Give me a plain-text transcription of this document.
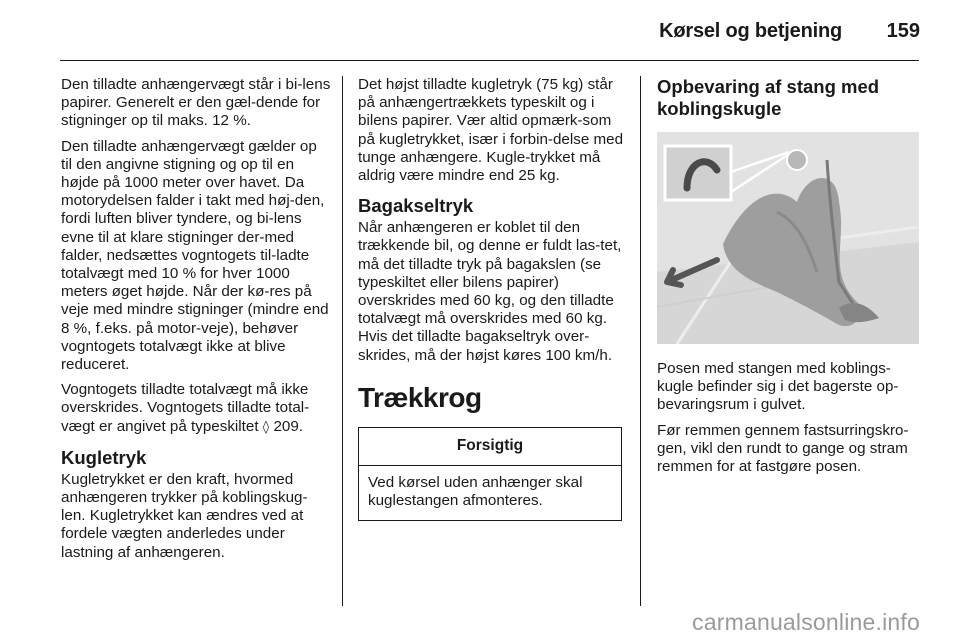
Kørsel og betjening 159

Den tilladte anhængervægt står i bi-lens papirer. Generelt er den gæl-dende for stigninger op til maks. 12 %.

Den tilladte anhængervægt gælder op til den angivne stigning og op til en højde på 1000 meter over havet. Da motorydelsen falder i takt med høj-den, fordi luften bliver tyndere, og bi-lens evne til at klare stigninger der-med falder, nedsættes vogntogets til-ladte totalvægt med 10 % for hver 1000 meters øget højde. Når der kø-res på veje med mindre stigninger (mindre end 8 %, f.eks. på motor-veje), behøver vogntogets totalvægt ikke at blive reduceret.

Vogntogets tilladte totalvægt må ikke overskrides. Vogntogets tilladte total-vægt er angivet på typeskiltet ◊ 209.

Kugletryk

Kugletrykket er den kraft, hvormed anhængeren trykker på koblingskug-len. Kugletrykket kan ændres ved at fordele vægten anderledes under lastning af anhængeren.

Det højst tilladte kugletryk (75 kg) står på anhængertrækkets typeskilt og i bilens papirer. Vær altid opmærk-som på kugletrykket, især i forbin-delse med tunge anhængere. Kugle-trykket må aldrig være mindre end 25 kg.

Bagakseltryk

Når anhængeren er koblet til den trækkende bil, og denne er fuldt las-tet, må det tilladte tryk på bagakslen (se typeskiltet eller bilens papirer) overskrides med 60 kg, og den tilladte totalvægt må overskrides med 60 kg. Hvis det tilladte bagakseltryk over-skrides, må der højst køres 100 km/h.

Trækkrog
Forsigtig
Ved kørsel uden anhænger skal kuglestangen afmonteres.
Opbevaring af stang med koblingskugle

Posen med stangen med koblings-kugle befinder sig i det bagerste op-bevaringsrum i gulvet.

Før remmen gennem fastsurringskro-gen, vikl den rundt to gange og stram remmen for at fastgøre posen.

carmanualsonline.info
